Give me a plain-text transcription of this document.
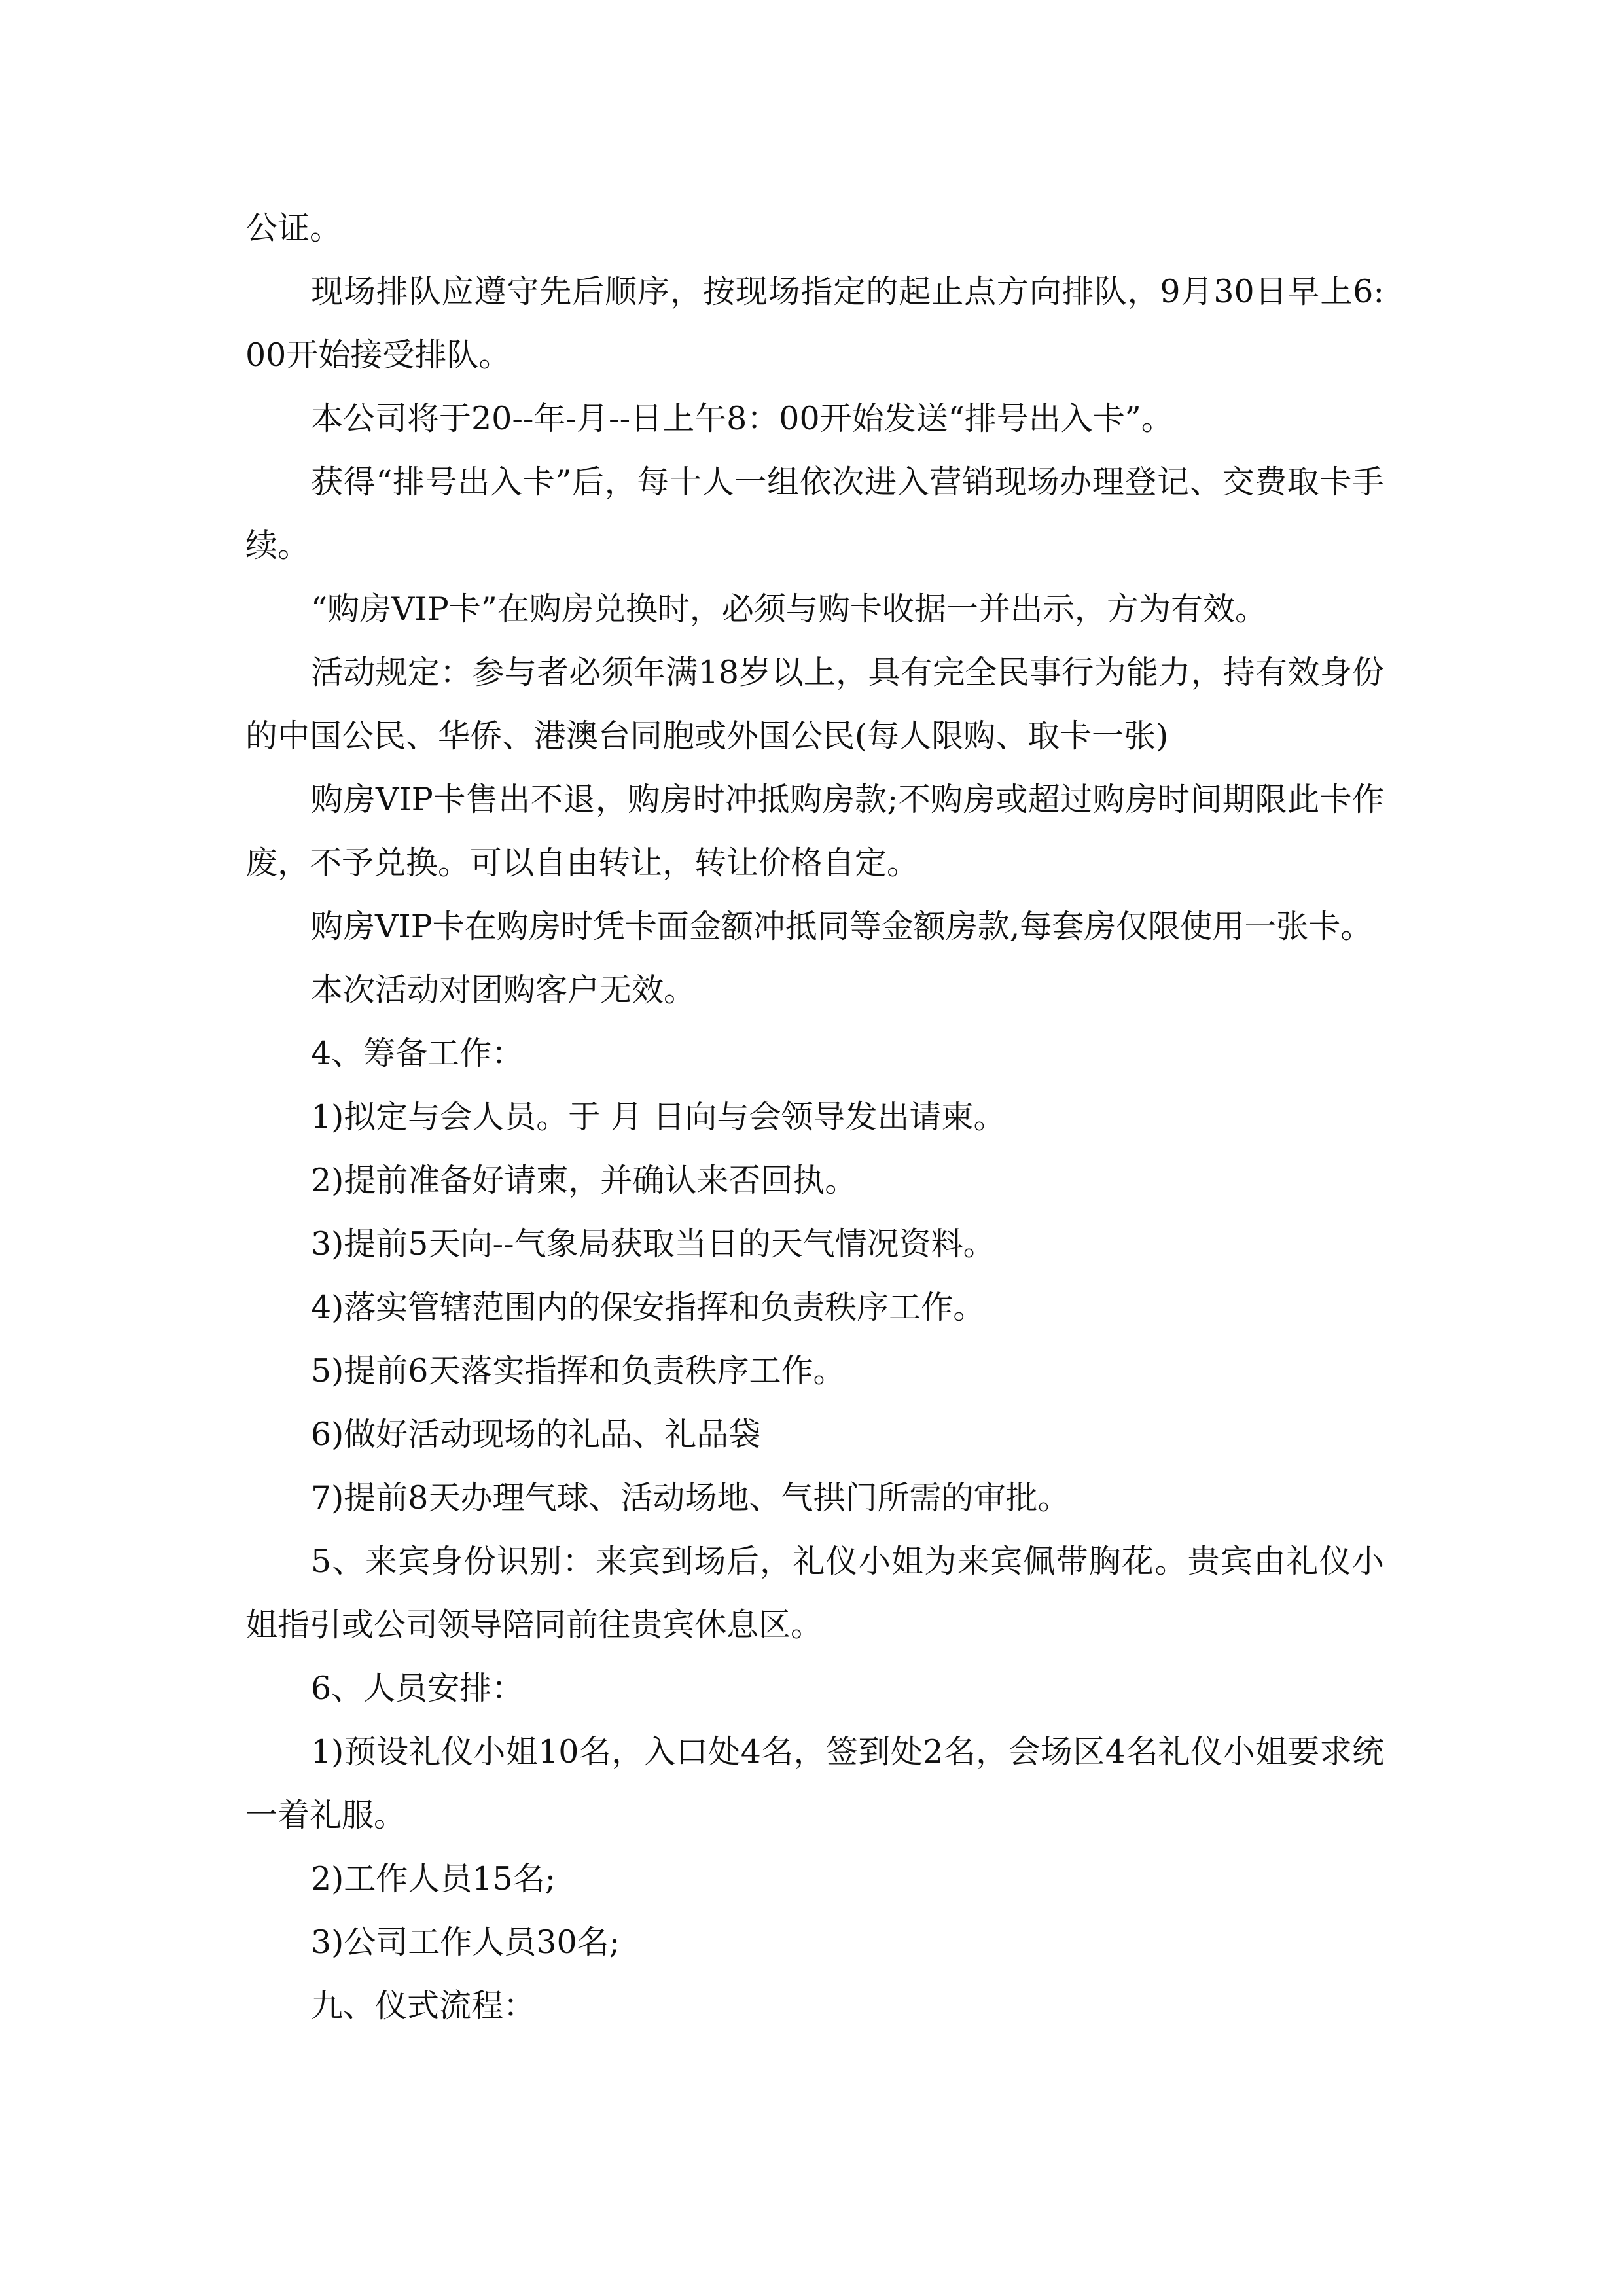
公证。

现场排队应遵守先后顺序，按现场指定的起止点方向排队，9月30日早上6:00开始接受排队。

本公司将于20--年-月--日上午8：00开始发送“排号出入卡”。

获得“排号出入卡”后，每十人一组依次进入营销现场办理登记、交费取卡手续。

“购房VIP卡”在购房兑换时，必须与购卡收据一并出示，方为有效。

活动规定：参与者必须年满18岁以上，具有完全民事行为能力，持有效身份的中国公民、华侨、港澳台同胞或外国公民(每人限购、取卡一张)

购房VIP卡售出不退，购房时冲抵购房款;不购房或超过购房时间期限此卡作废，不予兑换。可以自由转让，转让价格自定。

购房VIP卡在购房时凭卡面金额冲抵同等金额房款,每套房仅限使用一张卡。

本次活动对团购客户无效。

4、筹备工作：

1)拟定与会人员。于 月 日向与会领导发出请柬。

2)提前准备好请柬，并确认来否回执。

3)提前5天向--气象局获取当日的天气情况资料。

4)落实管辖范围内的保安指挥和负责秩序工作。

5)提前6天落实指挥和负责秩序工作。

6)做好活动现场的礼品、礼品袋

7)提前8天办理气球、活动场地、气拱门所需的审批。

5、来宾身份识别：来宾到场后，礼仪小姐为来宾佩带胸花。贵宾由礼仪小姐指引或公司领导陪同前往贵宾休息区。

6、人员安排：

1)预设礼仪小姐10名，入口处4名，签到处2名，会场区4名礼仪小姐要求统一着礼服。

2)工作人员15名;

3)公司工作人员30名;

九、仪式流程：
